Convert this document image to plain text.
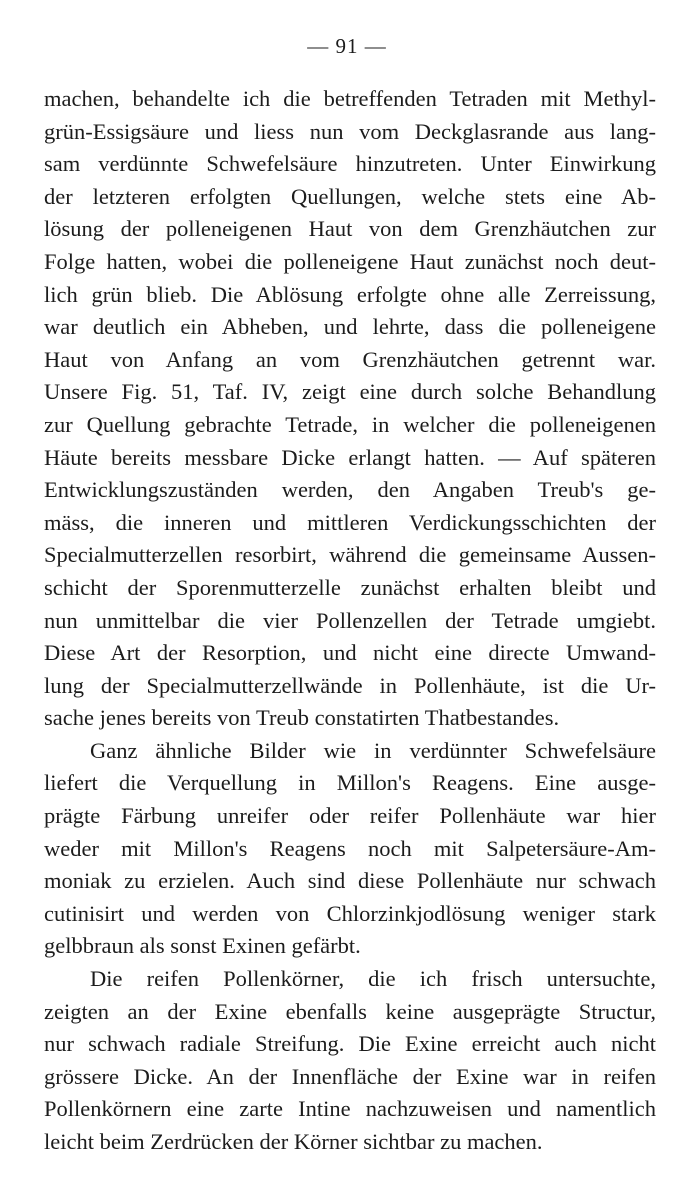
— 91 —
machen, behandelte ich die betreffenden Tetraden mit Methyl-
grün-Essigsäure und liess nun vom Deckglasrande aus lang-
sam verdünnte Schwefelsäure hinzutreten. Unter Einwirkung
der letzteren erfolgten Quellungen, welche stets eine Ab-
lösung der polleneigenen Haut von dem Grenzhäutchen zur
Folge hatten, wobei die polleneigene Haut zunächst noch deut-
lich grün blieb. Die Ablösung erfolgte ohne alle Zerreissung,
war deutlich ein Abheben, und lehrte, dass die polleneigene
Haut von Anfang an vom Grenzhäutchen getrennt war.
Unsere Fig. 51, Taf. IV, zeigt eine durch solche Behandlung
zur Quellung gebrachte Tetrade, in welcher die polleneigenen
Häute bereits messbare Dicke erlangt hatten. — Auf späteren
Entwicklungszuständen werden, den Angaben Treub's ge-
mäss, die inneren und mittleren Verdickungsschichten der
Specialmutterzellen resorbirt, während die gemeinsame Aussen-
schicht der Sporenmutterzelle zunächst erhalten bleibt und
nun unmittelbar die vier Pollenzellen der Tetrade umgiebt.
Diese Art der Resorption, und nicht eine directe Umwand-
lung der Specialmutterzellwände in Pollenhäute, ist die Ur-
sache jenes bereits von Treub constatirten Thatbestandes.
Ganz ähnliche Bilder wie in verdünnter Schwefelsäure
liefert die Verquellung in Millon's Reagens. Eine ausge-
prägte Färbung unreifer oder reifer Pollenhäute war hier
weder mit Millon's Reagens noch mit Salpetersäure-Am-
moniak zu erzielen. Auch sind diese Pollenhäute nur schwach
cutinisirt und werden von Chlorzinkjodlösung weniger stark
gelbbraun als sonst Exinen gefärbt.
Die reifen Pollenkörner, die ich frisch untersuchte,
zeigten an der Exine ebenfalls keine ausgeprägte Structur,
nur schwach radiale Streifung. Die Exine erreicht auch nicht
grössere Dicke. An der Innenfläche der Exine war in reifen
Pollenkörnern eine zarte Intine nachzuweisen und namentlich
leicht beim Zerdrücken der Körner sichtbar zu machen.
